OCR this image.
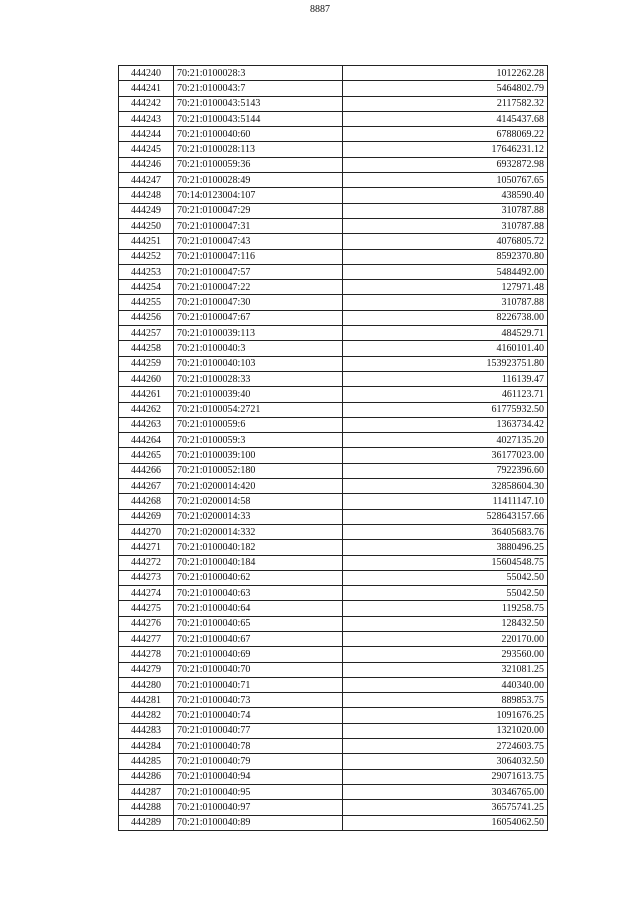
8887
444240	70:21:0100028:3	1012262.28
444241	70:21:0100043:7	5464802.79
444242	70:21:0100043:5143	2117582.32
444243	70:21:0100043:5144	4145437.68
444244	70:21:0100040:60	6788069.22
444245	70:21:0100028:113	17646231.12
444246	70:21:0100059:36	6932872.98
444247	70:21:0100028:49	1050767.65
444248	70:14:0123004:107	438590.40
444249	70:21:0100047:29	310787.88
444250	70:21:0100047:31	310787.88
444251	70:21:0100047:43	4076805.72
444252	70:21:0100047:116	8592370.80
444253	70:21:0100047:57	5484492.00
444254	70:21:0100047:22	127971.48
444255	70:21:0100047:30	310787.88
444256	70:21:0100047:67	8226738.00
444257	70:21:0100039:113	484529.71
444258	70:21:0100040:3	4160101.40
444259	70:21:0100040:103	153923751.80
444260	70:21:0100028:33	116139.47
444261	70:21:0100039:40	461123.71
444262	70:21:0100054:2721	61775932.50
444263	70:21:0100059:6	1363734.42
444264	70:21:0100059:3	4027135.20
444265	70:21:0100039:100	36177023.00
444266	70:21:0100052:180	7922396.60
444267	70:21:0200014:420	32858604.30
444268	70:21:0200014:58	11411147.10
444269	70:21:0200014:33	528643157.66
444270	70:21:0200014:332	36405683.76
444271	70:21:0100040:182	3880496.25
444272	70:21:0100040:184	15604548.75
444273	70:21:0100040:62	55042.50
444274	70:21:0100040:63	55042.50
444275	70:21:0100040:64	119258.75
444276	70:21:0100040:65	128432.50
444277	70:21:0100040:67	220170.00
444278	70:21:0100040:69	293560.00
444279	70:21:0100040:70	321081.25
444280	70:21:0100040:71	440340.00
444281	70:21:0100040:73	889853.75
444282	70:21:0100040:74	1091676.25
444283	70:21:0100040:77	1321020.00
444284	70:21:0100040:78	2724603.75
444285	70:21:0100040:79	3064032.50
444286	70:21:0100040:94	29071613.75
444287	70:21:0100040:95	30346765.00
444288	70:21:0100040:97	36575741.25
444289	70:21:0100040:89	16054062.50
